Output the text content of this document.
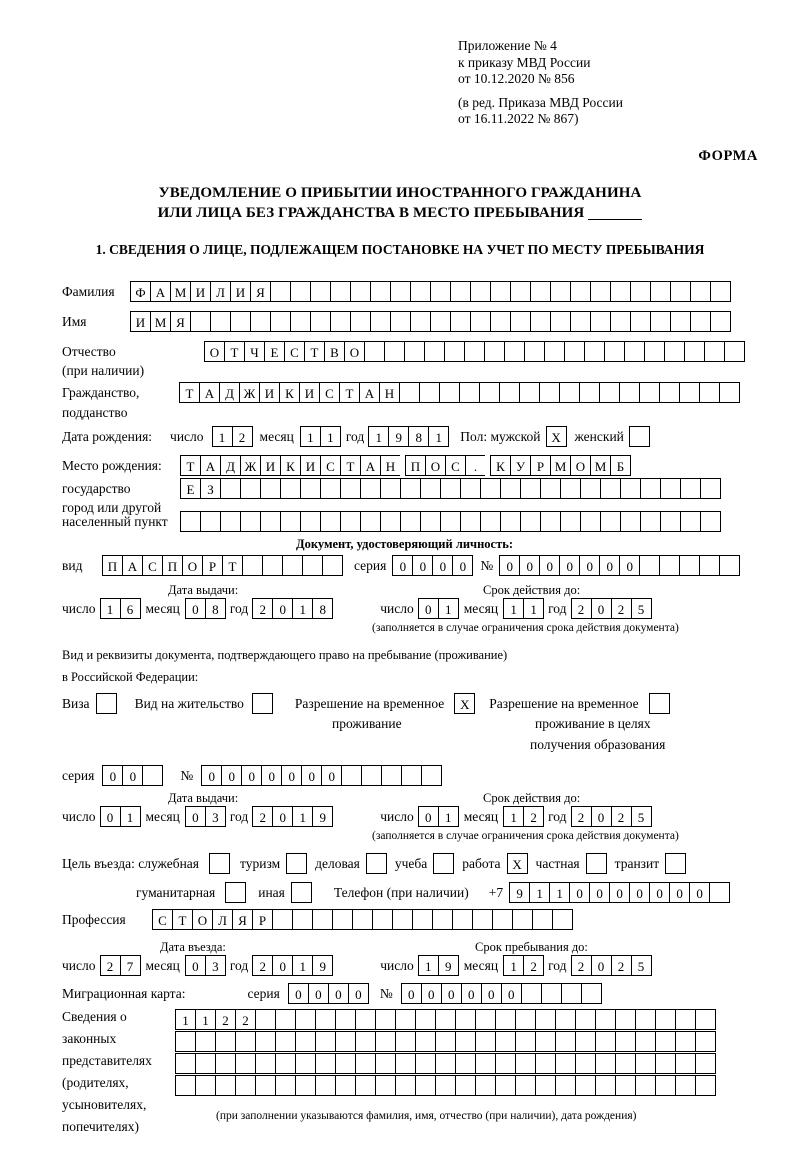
Приложение № 4
к приказу МВД России
от 10.12.2020 № 856
(в ред. Приказа МВД России
от 16.11.2022 № 867)
ФОРМА
УВЕДОМЛЕНИЕ О ПРИБЫТИИ ИНОСТРАННОГО ГРАЖДАНИНА
ИЛИ ЛИЦА БЕЗ ГРАЖДАНСТВА В МЕСТО ПРЕБЫВАНИЯ
1. СВЕДЕНИЯ О ЛИЦЕ, ПОДЛЕЖАЩЕМ ПОСТАНОВКЕ НА УЧЕТ ПО МЕСТУ ПРЕБЫВАНИЯ
Фамилия	Ф А М И Л И Я
Имя	И М Я
Отчество	О Т Ч Е С Т В О
(при наличии)
Гражданство,	Т А Д Ж И К И С Т А Н
подданство
Дата рождения: число	1	2	месяц	1	1 год 1	9	8	1	Пол: мужской Х	женский
Место рождения:	Т А Д Ж И К И С Т А Н	П О С	.	К У Р М О М Б
государство	Е З
город или другой
населенный пункт
Документ, удостоверяющий личность:
вид	П А С П О Р Т	серия	0	0	0	0	№	0	0	0	0	0	0	0
Дата выдачи:	Срок действия до:
число 1	6 месяц 0	8 год 2	0	1	8	число 0	1 месяц 1	1 год 2	0	2	5
(заполняется в случае ограничения срока действия документа)
Вид и реквизиты документа, подтверждающего право на пребывание (проживание)
в Российской Федерации:
Виза	Вид на жительство	Разрешение на временное	Х	Разрешение на временное
проживание	проживание в целях
получения образования
серия	0	0	№	0	0	0	0	0	0	0
Дата выдачи:	Срок действия до:
число 0	1 месяц 0	3 год 2	0	1	9	число 0	1 месяц 1	2 год 2	0	2	5
(заполняется в случае ограничения срока действия документа)
Цель въезда: служебная	туризм	деловая	учеба	работа Х	частная	транзит
гуманитарная	иная	Телефон (при наличии) +7	9	1	1	0	0	0	0	0	0	0
Профессия	С Т О Л Я Р
Дата въезда:	Срок пребывания до:
число 2	7 месяц 0	3 год 2	0	1	9	число 1	9 месяц 1	2 год 2	0	2	5
Миграционная карта:	серия	0	0	0	0	№	0	0	0	0	0	0
Сведения о	1	1	2	2
законных
представителях
(родителях,
усыновителях,
попечителях)
(при заполнении указываются фамилия, имя, отчество (при наличии), дата рождения)
